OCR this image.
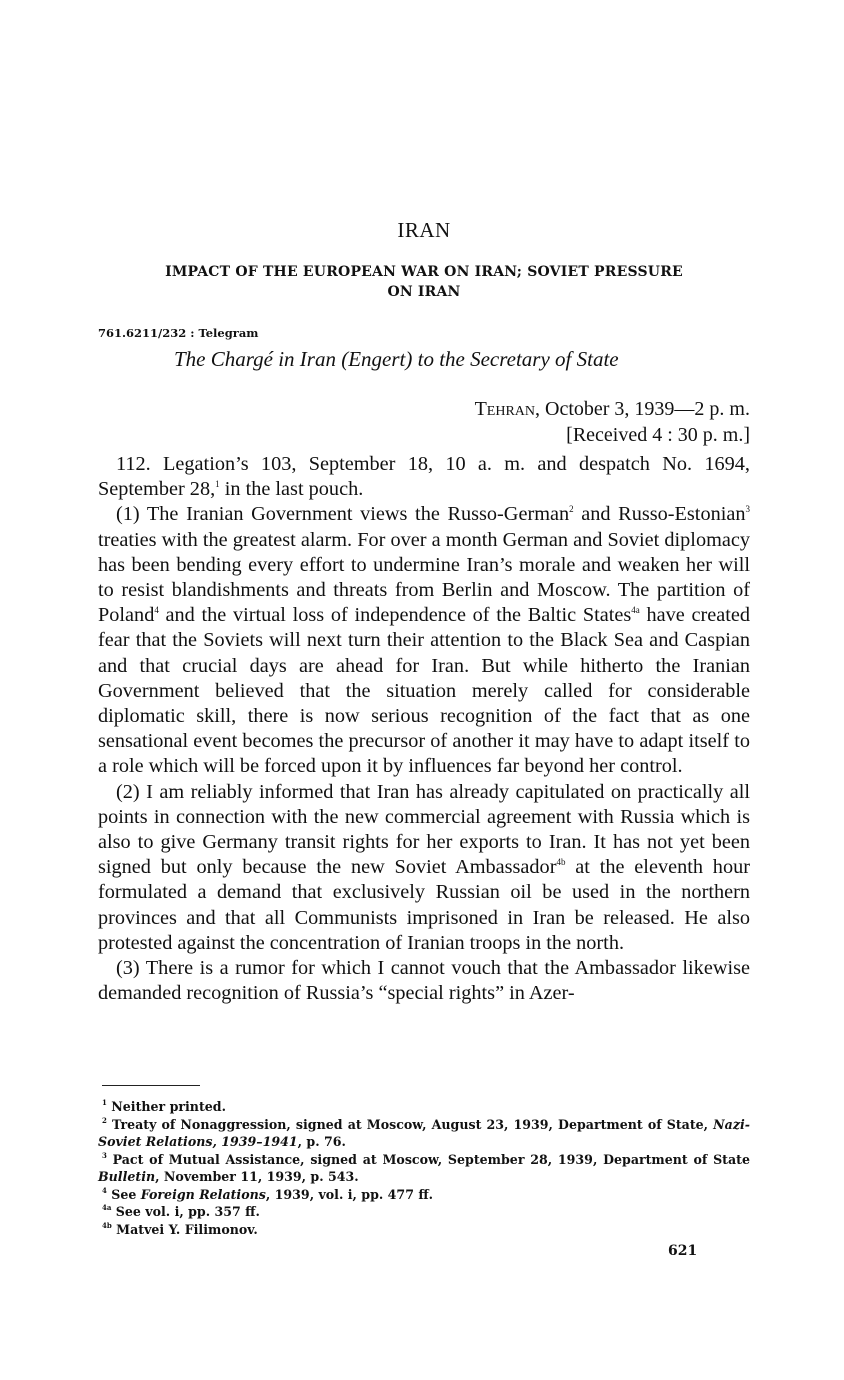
IRAN
IMPACT OF THE EUROPEAN WAR ON IRAN; SOVIET PRESSURE
ON IRAN
761.6211/232 : Telegram
The Chargé in Iran (Engert) to the Secretary of State
Tehran, October 3, 1939—2 p. m.
[Received 4 : 30 p. m.]

112. Legation’s 103, September 18, 10 a. m. and despatch No. 1694, September 28,$^1$ in the last pouch.

(1) The Iranian Government views the Russo-German$^2$ and Russo-Estonian$^3$ treaties with the greatest alarm. For over a month German and Soviet diplomacy has been bending every effort to undermine Iran’s morale and weaken her will to resist blandishments and threats from Berlin and Moscow. The partition of Poland$^4$ and the virtual loss of independence of the Baltic States$^{4a}$ have created fear that the Soviets will next turn their attention to the Black Sea and Caspian and that crucial days are ahead for Iran. But while hitherto the Iranian Government believed that the situation merely called for considerable diplomatic skill, there is now serious recognition of the fact that as one sensational event becomes the precursor of another it may have to adapt itself to a role which will be forced upon it by influences far beyond her control.

(2) I am reliably informed that Iran has already capitulated on practically all points in connection with the new commercial agreement with Russia which is also to give Germany transit rights for her exports to Iran. It has not yet been signed but only because the new Soviet Ambassador$^{4b}$ at the eleventh hour formulated a demand that exclusively Russian oil be used in the northern provinces and that all Communists imprisoned in Iran be released. He also protested against the concentration of Iranian troops in the north.

(3) There is a rumor for which I cannot vouch that the Ambassador likewise demanded recognition of Russia’s “special rights” in Azer-

$^1$ Neither printed.

$^2$ Treaty of Nonaggression, signed at Moscow, August 23, 1939, Department of State, Nazi-Soviet Relations, 1939–1941, p. 76.

$^3$ Pact of Mutual Assistance, signed at Moscow, September 28, 1939, Department of State Bulletin, November 11, 1939, p. 543.

$^4$ See Foreign Relations, 1939, vol. i, pp. 477 ff.

$^{4a}$ See vol. i, pp. 357 ff.

$^{4b}$ Matvei Y. Filimonov.

621
